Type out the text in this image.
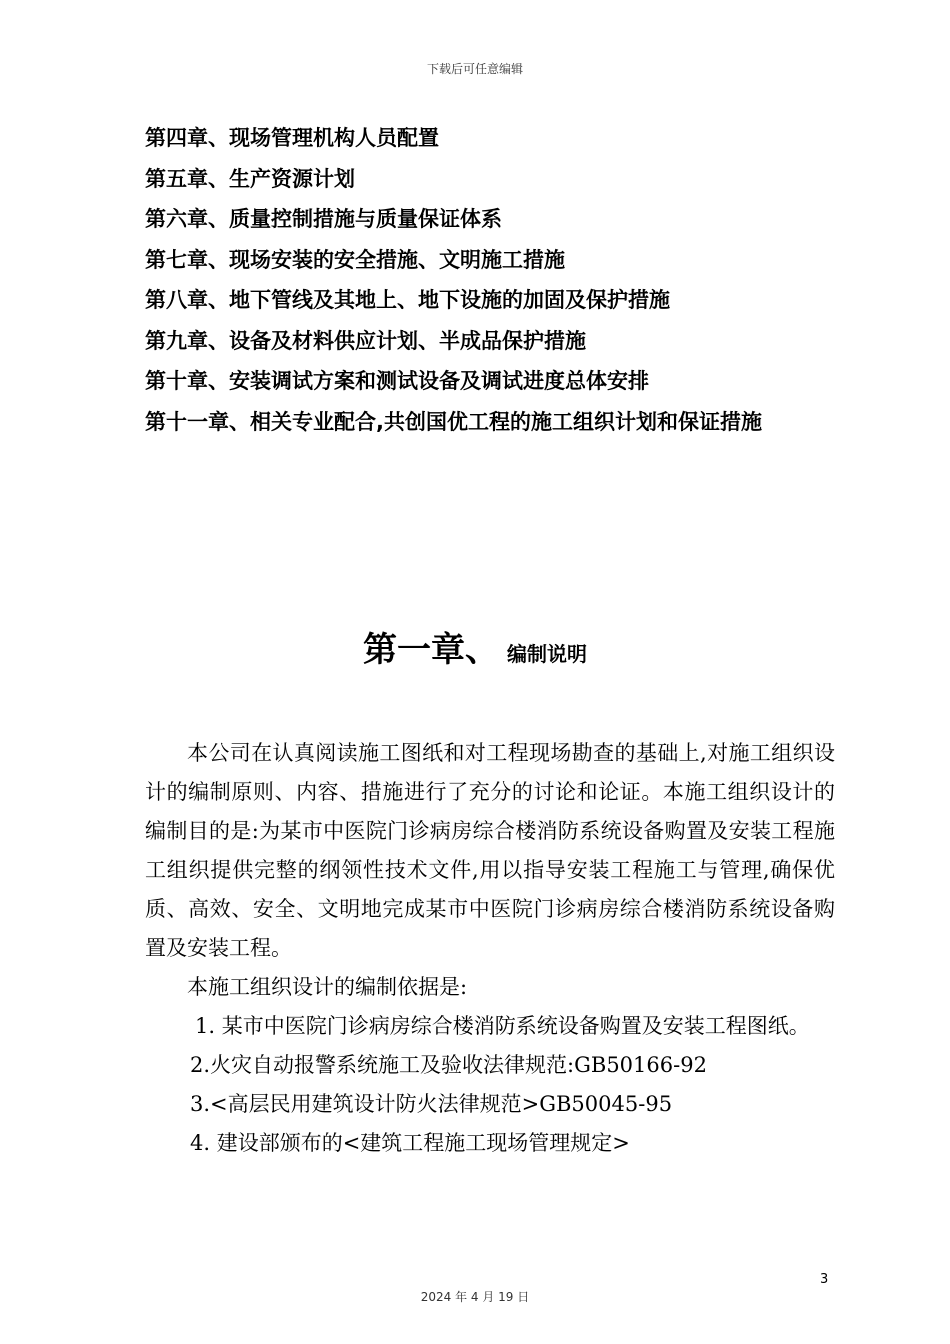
下载后可任意编辑
第四章、现场管理机构人员配置
第五章、生产资源计划
第六章、质量控制措施与质量保证体系
第七章、现场安装的安全措施、文明施工措施
第八章、地下管线及其地上、地下设施的加固及保护措施
第九章、设备及材料供应计划、半成品保护措施
第十章、安装调试方案和测试设备及调试进度总体安排
第十一章、相关专业配合,共创国优工程的施工组织计划和保证措施
第一章、 编制说明

本公司在认真阅读施工图纸和对工程现场勘查的基础上,对施工组织设计的编制原则、内容、措施进行了充分的讨论和论证。本施工组织设计的编制目的是:为某市中医院门诊病房综合楼消防系统设备购置及安装工程施工组织提供完整的纲领性技术文件,用以指导安装工程施工与管理,确保优质、高效、安全、文明地完成某市中医院门诊病房综合楼消防系统设备购置及安装工程。

本施工组织设计的编制依据是:

1. 某市中医院门诊病房综合楼消防系统设备购置及安装工程图纸。
2.火灾自动报警系统施工及验收法律规范:GB50166-92
3.<高层民用建筑设计防火法律规范>GB50045-95
4. 建设部颁布的<建筑工程施工现场管理规定>
3
2024 年 4 月 19 日
